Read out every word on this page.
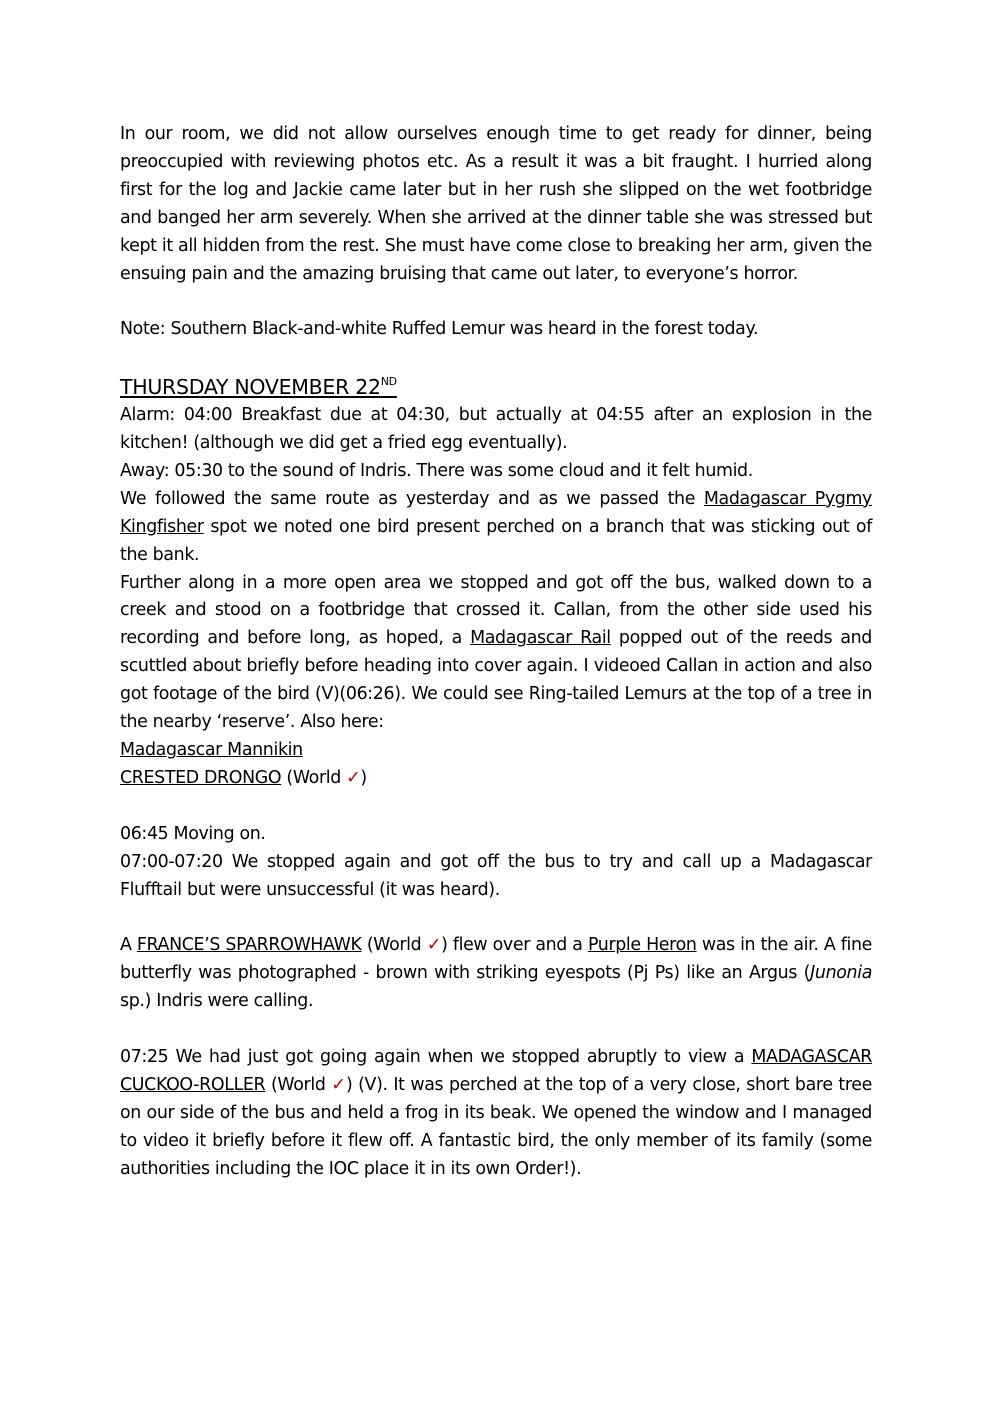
In our room, we did not allow ourselves enough time to get ready for dinner, being preoccupied with reviewing photos etc. As a result it was a bit fraught. I hurried along first for the log and Jackie came later but in her rush she slipped on the wet footbridge and banged her arm severely. When she arrived at the dinner table she was stressed but kept it all hidden from the rest. She must have come close to breaking her arm, given the ensuing pain and the amazing bruising that came out later, to everyone’s horror.

Note: Southern Black-and-white Ruffed Lemur was heard in the forest today.

THURSDAY NOVEMBER 22ND

Alarm: 04:00 Breakfast due at 04:30, but actually at 04:55 after an explosion in the kitchen! (although we did get a fried egg eventually).

Away: 05:30 to the sound of Indris. There was some cloud and it felt humid.

We followed the same route as yesterday and as we passed the Madagascar Pygmy Kingfisher spot we noted one bird present perched on a branch that was sticking out of the bank.

Further along in a more open area we stopped and got off the bus, walked down to a creek and stood on a footbridge that crossed it. Callan, from the other side used his recording and before long, as hoped, a Madagascar Rail popped out of the reeds and scuttled about briefly before heading into cover again. I videoed Callan in action and also got footage of the bird (V)(06:26). We could see Ring-tailed Lemurs at the top of a tree in the nearby ‘reserve’. Also here:

Madagascar Mannikin

CRESTED DRONGO (World ✓)

06:45 Moving on.

07:00-07:20 We stopped again and got off the bus to try and call up a Madagascar Flufftail but were unsuccessful (it was heard).

A FRANCE’S SPARROWHAWK (World ✓) flew over and a Purple Heron was in the air. A fine butterfly was photographed - brown with striking eyespots (Pj Ps) like an Argus (Junonia sp.) Indris were calling.

07:25 We had just got going again when we stopped abruptly to view a MADAGASCAR CUCKOO-ROLLER (World ✓) (V). It was perched at the top of a very close, short bare tree on our side of the bus and held a frog in its beak. We opened the window and I managed to video it briefly before it flew off. A fantastic bird, the only member of its family (some authorities including the IOC place it in its own Order!).
